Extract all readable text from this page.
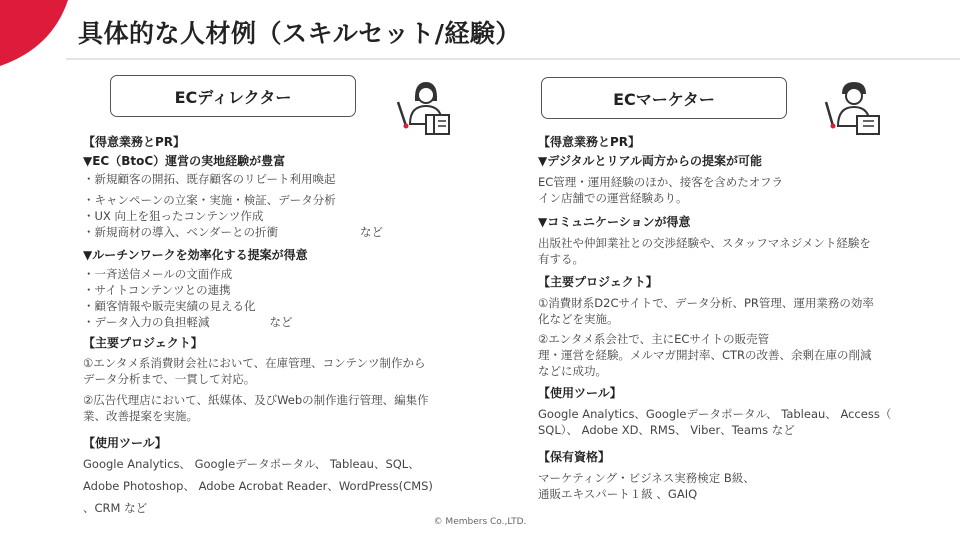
具体的な人材例（スキルセット/経験）
ECディレクター

【得意業務とPR】

▼EC（BtoC）運営の実地経験が豊富

・新規顧客の開拓、既存顧客のリピート利用喚起

・キャンペーンの立案・実施・検証、データ分析

・UX 向上を狙ったコンテンツ作成

・新規商材の導入、ベンダーとの折衝	など

▼ルーチンワークを効率化する提案が得意

・一斉送信メールの文面作成

・サイトコンテンツとの連携

・顧客情報や販売実績の見える化

・データ入力の負担軽減	など

【主要プロジェクト】

①エンタメ系消費財会社において、在庫管理、コンテンツ制作から

データ分析まで、一貫して対応。

②広告代理店において、紙媒体、及びWebの制作進行管理、編集作

業、改善提案を実施。

【使用ツール】

Google Analytics、 Googleデータポータル、 Tableau、SQL、

Adobe Photoshop、 Adobe Acrobat Reader、WordPress(CMS)

、CRM など

ECマーケター

【得意業務とPR】

▼デジタルとリアル両方からの提案が可能

EC管理・運用経験のほか、接客を含めたオフラ

イン店舗での運営経験あり。

▼コミュニケーションが得意

出版社や仲卸業社との交渉経験や、スタッフマネジメント経験を

有する。

【主要プロジェクト】

①消費財系D2Cサイトで、データ分析、PR管理、運用業務の効率

化などを実施。

②エンタメ系会社で、主にECサイトの販売管

理・運営を経験。メルマガ開封率、CTRの改善、余剰在庫の削減

などに成功。

【使用ツール】

Google Analytics、Googleデータポータル、 Tableau、 Access（

SQL）、 Adobe XD、RMS、 Viber、Teams など

【保有資格】

マーケティング・ビジネス実務検定 B級、

通販エキスパート１級 、GAIQ

© Members Co.,LTD.
